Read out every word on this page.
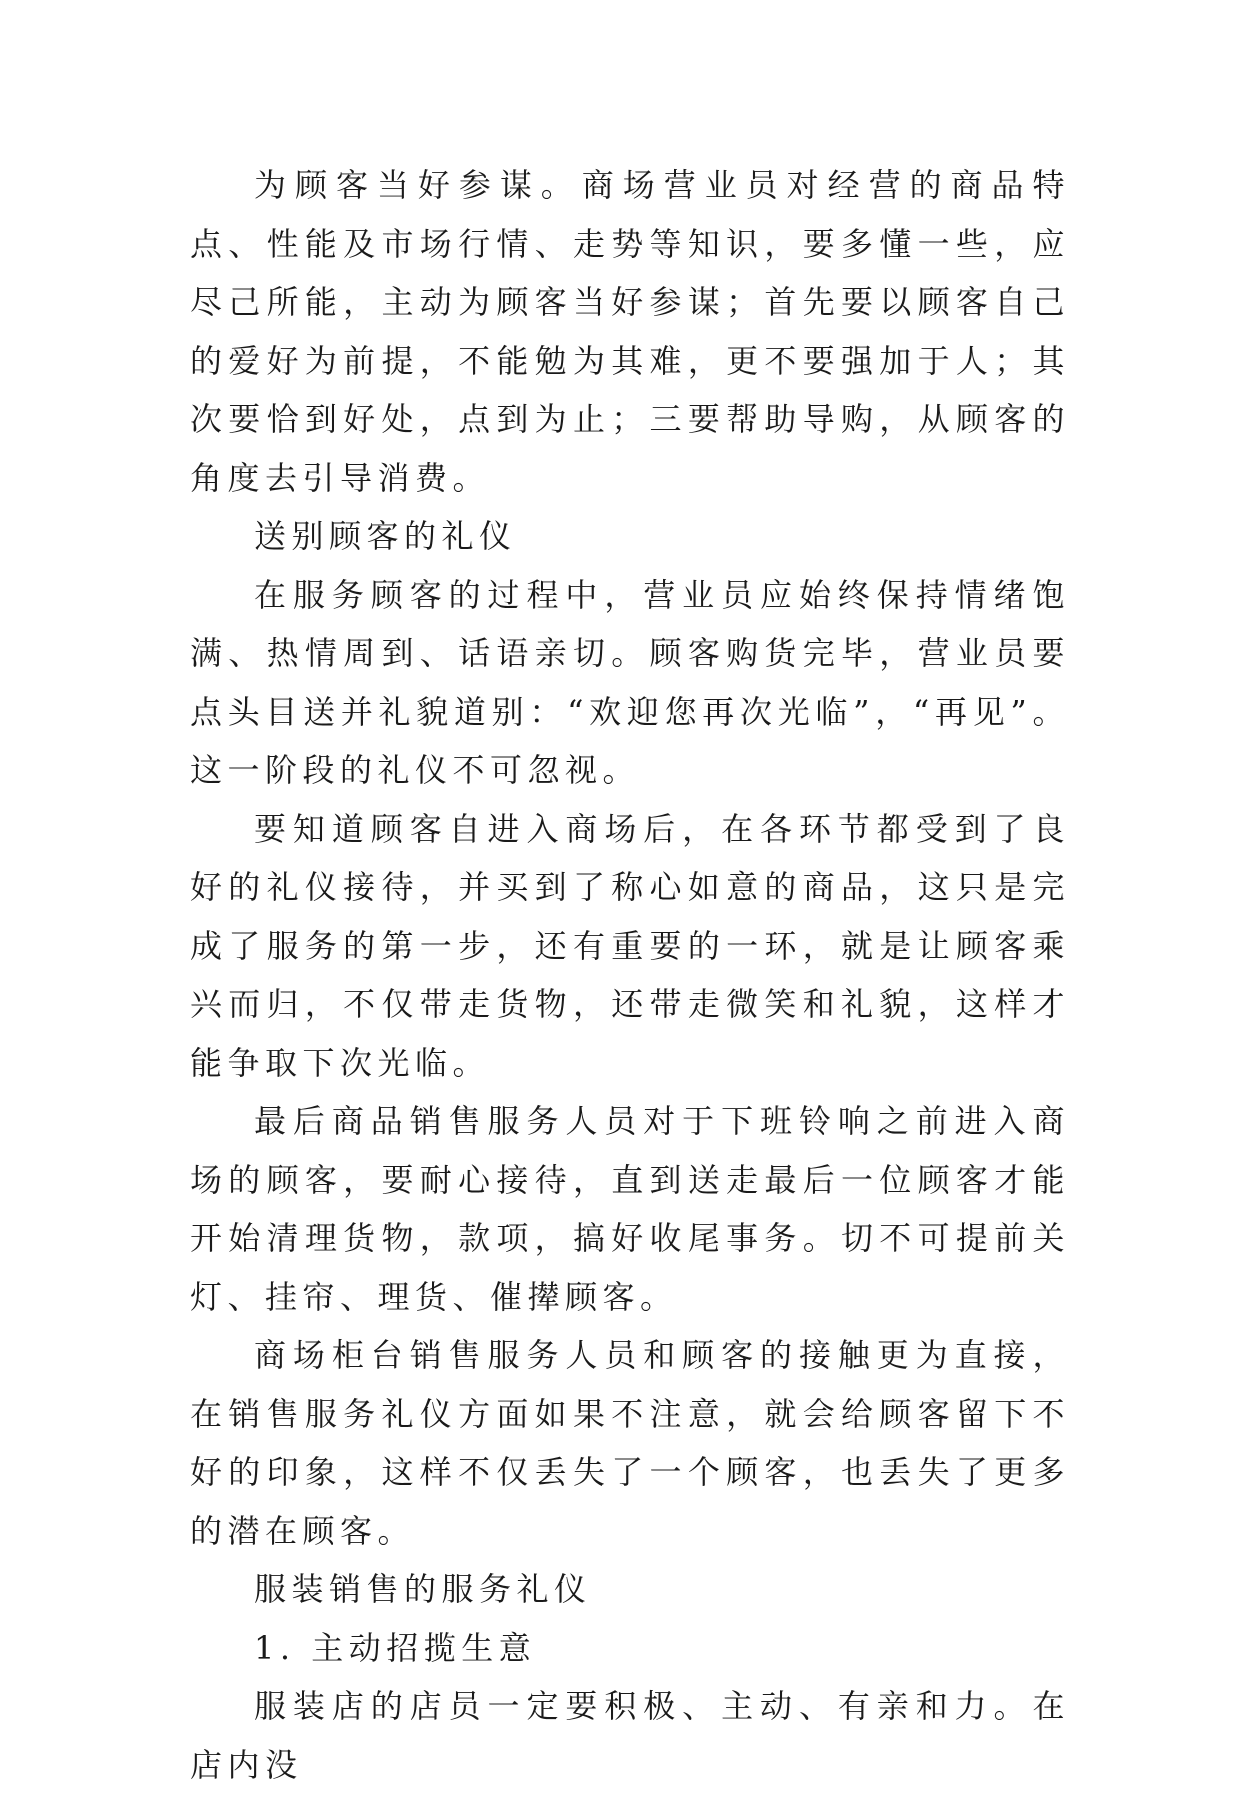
为顾客当好参谋。商场营业员对经营的商品特点、性能及市场行情、走势等知识，要多懂一些，应尽己所能，主动为顾客当好参谋；首先要以顾客自己的爱好为前提，不能勉为其难，更不要强加于人；其次要恰到好处，点到为止；三要帮助导购，从顾客的角度去引导消费。

送别顾客的礼仪

在服务顾客的过程中，营业员应始终保持情绪饱满、热情周到、话语亲切。顾客购货完毕，营业员要点头目送并礼貌道别：“欢迎您再次光临”，“再见”。这一阶段的礼仪不可忽视。

要知道顾客自进入商场后，在各环节都受到了良好的礼仪接待，并买到了称心如意的商品，这只是完成了服务的第一步，还有重要的一环，就是让顾客乘兴而归，不仅带走货物，还带走微笑和礼貌，这样才能争取下次光临。

最后商品销售服务人员对于下班铃响之前进入商场的顾客，要耐心接待，直到送走最后一位顾客才能开始清理货物，款项，搞好收尾事务。切不可提前关灯、挂帘、理货、催撵顾客。

商场柜台销售服务人员和顾客的接触更为直接，在销售服务礼仪方面如果不注意，就会给顾客留下不好的印象，这样不仅丢失了一个顾客，也丢失了更多的潜在顾客。

服装销售的服务礼仪

1. 主动招揽生意

服装店的店员一定要积极、主动、有亲和力。在店内没
